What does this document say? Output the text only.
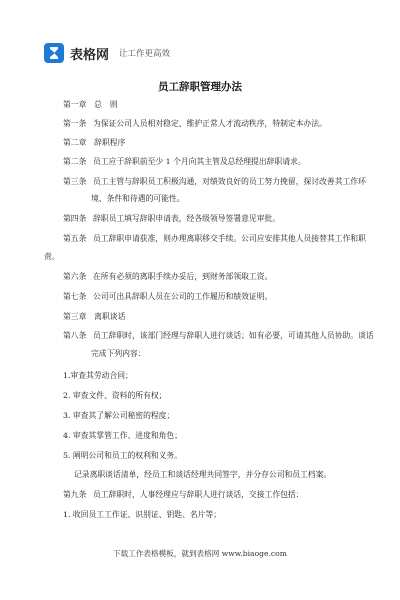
表格网 让工作更高效
员工辞职管理办法
第一章　总　则
第一条 为保证公司人员相对稳定、维护正常人才流动秩序，特制定本办法。
第二章　辞职程序
第二条 员工应于辞职前至少 1 个月向其主管及总经理提出辞职请求。
第三条 员工主管与辞职员工积极沟通，对绩效良好的员工努力挽留，探讨改善其工作环
境、条件和待遇的可能性。
第四条 辞职员工填写辞职申请表，经各级领导签署意见审批。
第五条 员工辞职申请获准，则办理离职移交手续。公司应安排其他人员接替其工作和职
责。
第六条 在所有必须的离职手续办妥后，到财务部领取工资。
第七条 公司可出具辞职人员在公司的工作履历和绩效证明。
第三章　离职谈话
第八条 员工辞职时，该部门经理与辞职人进行谈话；如有必要，可请其他人员协助。谈话
完成下列内容：
1.审查其劳动合同；
2. 审查文件、资料的所有权；
3. 审查其了解公司秘密的程度；
4. 审查其掌管工作、进度和角色；
5. 阐明公司和员工的权利和义务。
记录离职谈话清单，经员工和谈话经理共同签字，并分存公司和员工档案。
第九条 员工辞职时，人事经理应与辞职人进行谈话，交接工作包括：
1. 收回员工工作证、识别证、钥匙、名片等；
下载工作表格模板，就到表格网 www.biaoge.com
